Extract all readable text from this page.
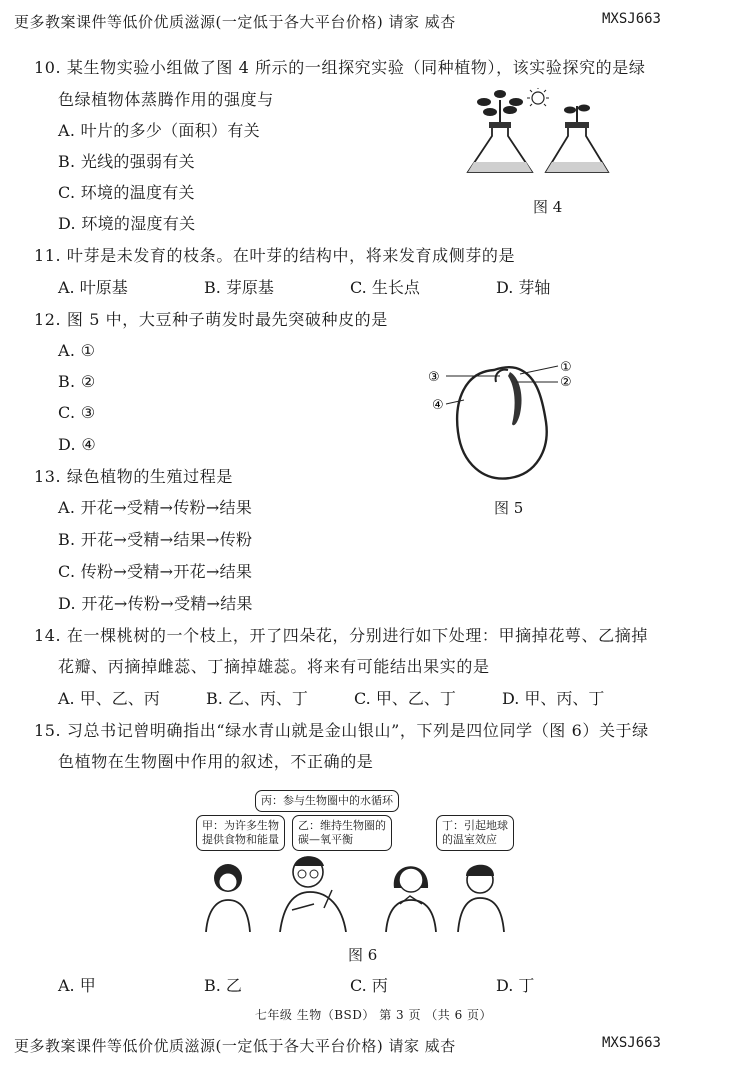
更多教案课件等低价优质滋源(一定低于各大平台价格) 请家 威杏	MXSJ663
10. 某生物实验小组做了图 4 所示的一组探究实验（同种植物），该实验探究的是绿
色绿植物体蒸腾作用的强度与
A. 叶片的多少（面积）有关
B. 光线的强弱有关
C. 环境的温度有关
D. 环境的湿度有关
图 4
11. 叶芽是未发育的枝条。在叶芽的结构中，将来发育成侧芽的是
A. 叶原基	B. 芽原基	C. 生长点	D. 芽轴
12. 图 5 中，大豆种子萌发时最先突破种皮的是
A. ①
B. ②
C. ③
D. ④
①
②
③
④
图 5
13. 绿色植物的生殖过程是
A. 开花→受精→传粉→结果
B. 开花→受精→结果→传粉
C. 传粉→受精→开花→结果
D. 开花→传粉→受精→结果
14. 在一棵桃树的一个枝上，开了四朵花，分别进行如下处理：甲摘掉花萼、乙摘掉
花瓣、丙摘掉雌蕊、丁摘掉雄蕊。将来有可能结出果实的是
A. 甲、乙、丙	B. 乙、丙、丁	C. 甲、乙、丁	D. 甲、丙、丁
15. 习总书记曾明确指出“绿水青山就是金山银山”，下列是四位同学（图 6）关于绿
色植物在生物圈中作用的叙述，不正确的是
丙：参与生物圈中的水循环
甲：为许多生物
提供食物和能量
乙：维持生物圈的
碳—氧平衡
丁：引起地球
的温室效应
图 6
A. 甲	B. 乙	C. 丙	D. 丁
七年级 生物（BSD） 第 3 页 （共 6 页）
更多教案课件等低价优质滋源(一定低于各大平台价格) 请家 威杏	MXSJ663
